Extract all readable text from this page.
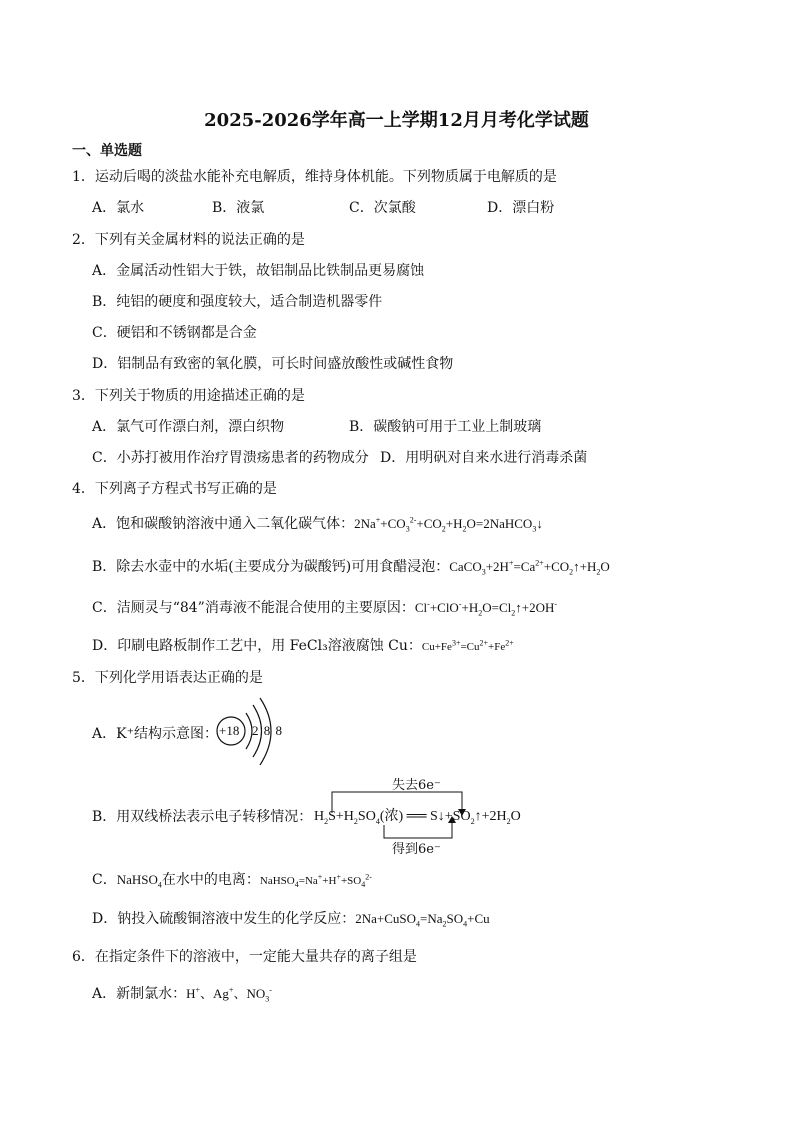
2025-2026学年高一上学期12月月考化学试题
一、单选题
1．运动后喝的淡盐水能补充电解质，维持身体机能。下列物质属于电解质的是
A．氯水	B．液氯	C．次氯酸	D．漂白粉
2．下列有关金属材料的说法正确的是
A．金属活动性铝大于铁，故铝制品比铁制品更易腐蚀
B．纯铝的硬度和强度较大，适合制造机器零件
C．硬铝和不锈钢都是合金
D．铝制品有致密的氧化膜，可长时间盛放酸性或碱性食物
3．下列关于物质的用途描述正确的是
A．氯气可作漂白剂，漂白织物	B．碳酸钠可用于工业上制玻璃
C．小苏打被用作治疗胃溃疡患者的药物成分 D．用明矾对自来水进行消毒杀菌
4．下列离子方程式书写正确的是
A．饱和碳酸钠溶液中通入二氧化碳气体：$2Na^++CO_3^{2-}+CO_2+H_2O=2NaHCO_3↓$
B．除去水壶中的水垢(主要成分为碳酸钙)可用食醋浸泡：$CaCO_3+2H^+=Ca^{2+}+CO_2↑+H_2O$
C．洁厕灵与“84”消毒液不能混合使用的主要原因：$Cl^-+ClO^-+H_2O=Cl_2↑+2OH^-$
D．印刷电路板制作工艺中，用 FeCl₃溶液腐蚀 Cu：$Cu+Fe^{3+}=Cu^{2+}+Fe^{2+}$
5．下列化学用语表达正确的是
A．K⁺结构示意图： +18 2 8 8
B．用双线桥法表示电子转移情况：
失去6e⁻
$H_2S+H_2SO_4$(浓) ══ $S↓+SO_2↑+2H_2O$
得到6e⁻
C．NaHSO$_4$在水中的电离：$NaHSO_4=Na^++H^++SO_4^{2-}$
D．钠投入硫酸铜溶液中发生的化学反应：$2Na+CuSO_4=Na_2SO_4+Cu$
6．在指定条件下的溶液中，一定能大量共存的离子组是
A．新制氯水：H+、Ag+、$NO_3^-$
